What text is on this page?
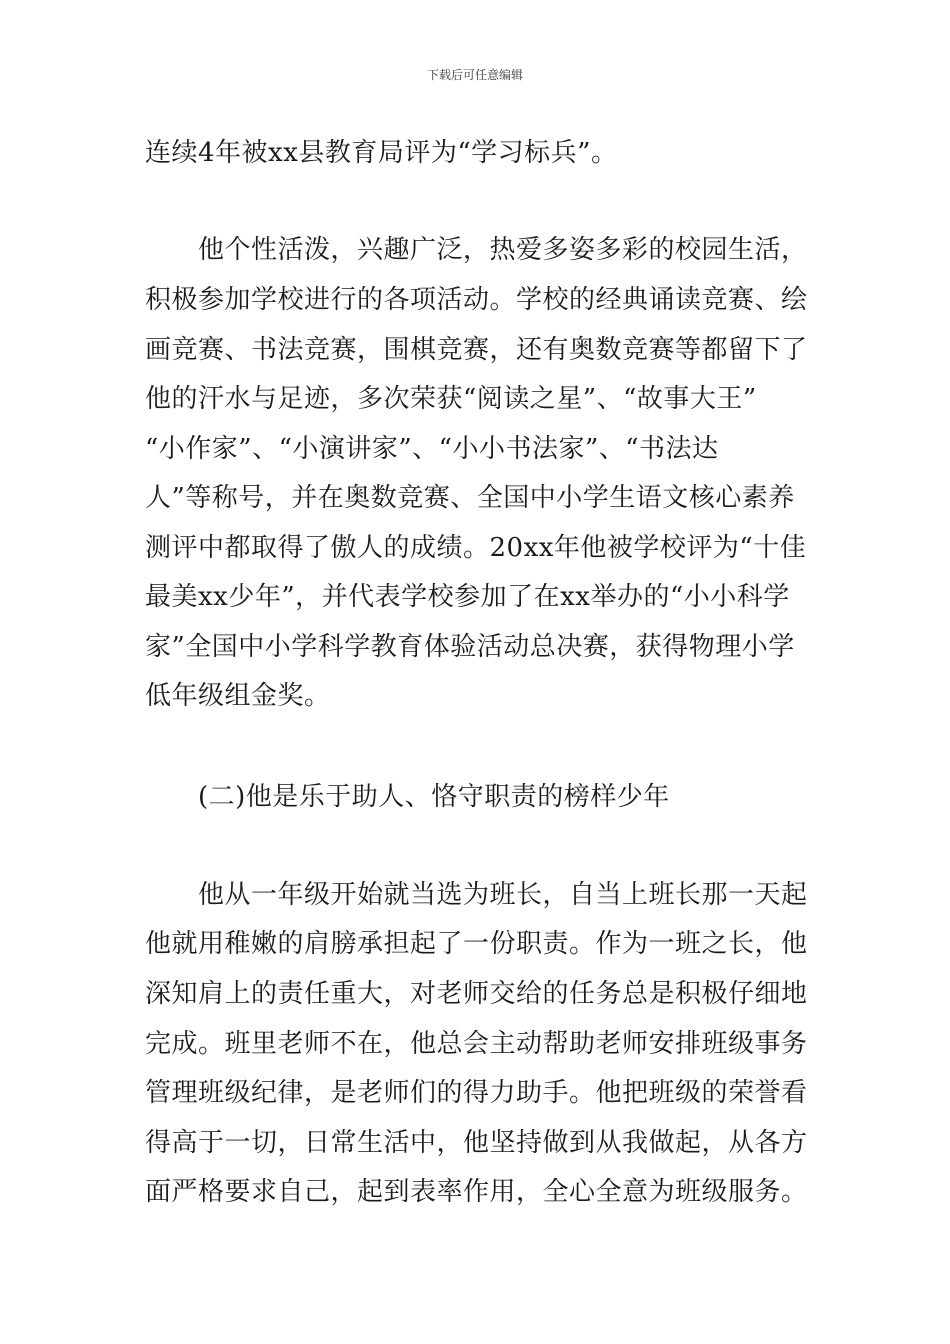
下载后可任意编辑
连续4年被xx县教育局评为“学习标兵”。
他个性活泼，兴趣广泛，热爱多姿多彩的校园生活，
积极参加学校进行的各项活动。学校的经典诵读竞赛、绘
画竞赛、书法竞赛，围棋竞赛，还有奥数竞赛等都留下了
他的汗水与足迹，多次荣获“阅读之星”、“故事大王”
“小作家”、“小演讲家”、“小小书法家”、“书法达
人”等称号，并在奥数竞赛、全国中小学生语文核心素养
测评中都取得了傲人的成绩。20xx年他被学校评为“十佳
最美xx少年”，并代表学校参加了在xx举办的“小小科学
家”全国中小学科学教育体验活动总决赛，获得物理小学
低年级组金奖。
(二)他是乐于助人、恪守职责的榜样少年
他从一年级开始就当选为班长，自当上班长那一天起
他就用稚嫩的肩膀承担起了一份职责。作为一班之长，他
深知肩上的责任重大，对老师交给的任务总是积极仔细地
完成。班里老师不在，他总会主动帮助老师安排班级事务
管理班级纪律，是老师们的得力助手。他把班级的荣誉看
得高于一切，日常生活中，他坚持做到从我做起，从各方
面严格要求自己，起到表率作用，全心全意为班级服务。
